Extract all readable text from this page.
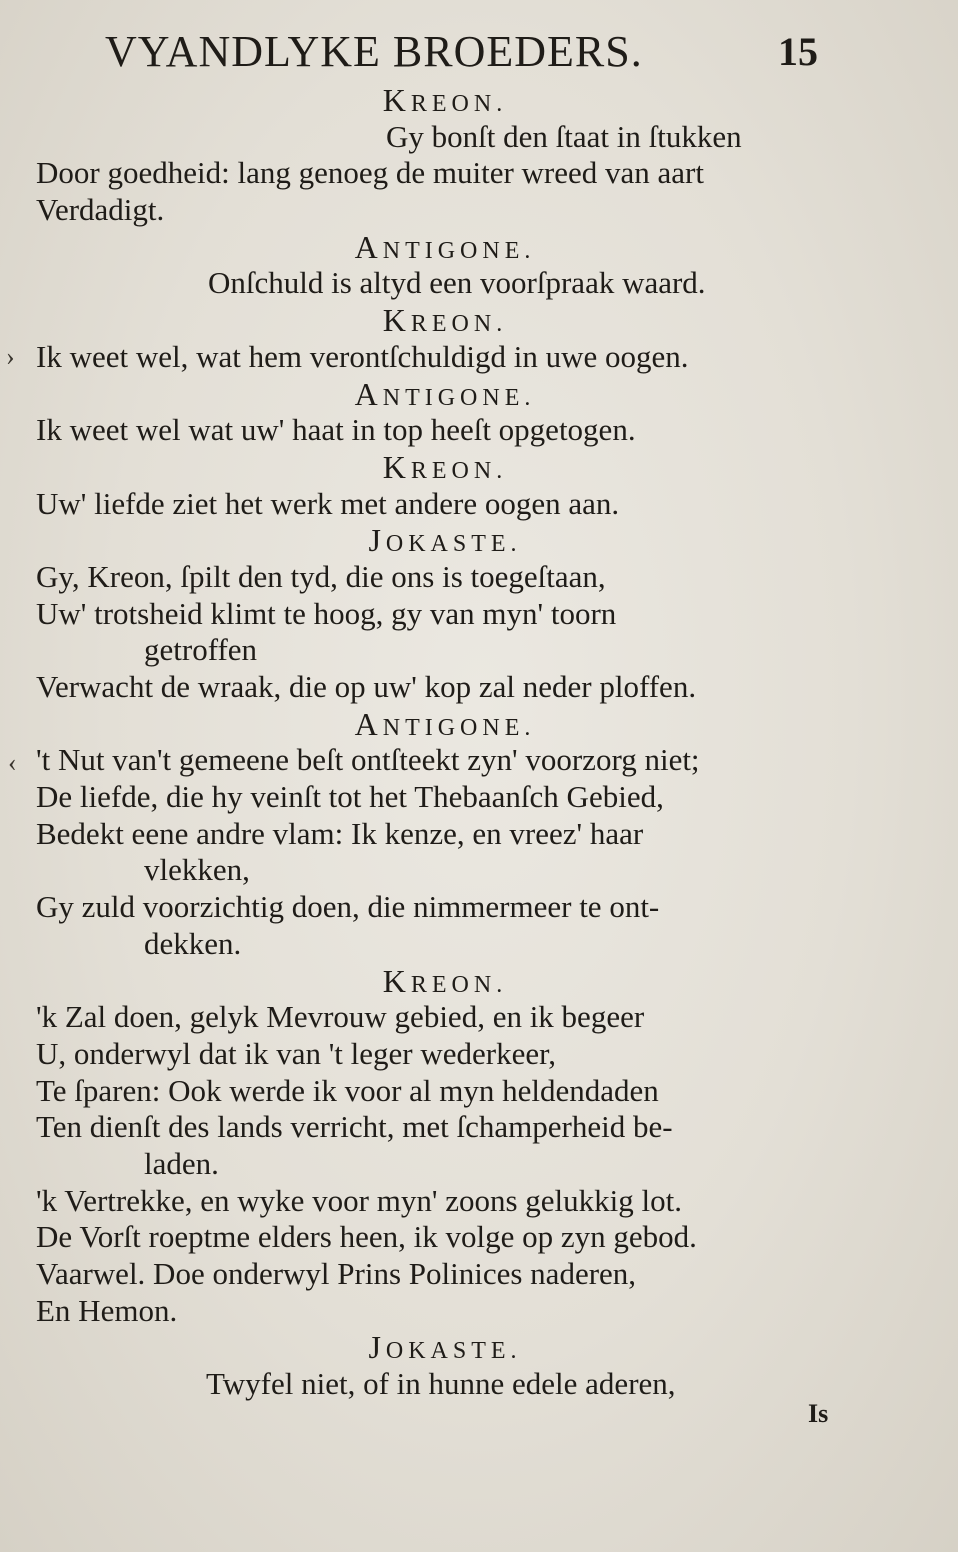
VYANDLYKE BROEDERS.	15
KREON.
Gy bonſt den ſtaat in ſtukken
Door goedheid: lang genoeg de muiter wreed van aart
Verdadigt.
ANTIGONE.
Onſchuld is altyd een voorſpraak waard.
KREON.
Ik weet wel, wat hem verontſchuldigd in uwe oogen.
ANTIGONE.
Ik weet wel wat uw' haat in top heeſt opgetogen.
KREON.
Uw' liefde ziet het werk met andere oogen aan.
JOKASTE.
Gy, Kreon, ſpilt den tyd, die ons is toegeſtaan,
Uw' trotsheid klimt te hoog, gy van myn' toorn
getroffen
Verwacht de wraak, die op uw' kop zal neder ploffen.
ANTIGONE.
't Nut van't gemeene beſt ontſteekt zyn' voorzorg niet;
De liefde, die hy veinſt tot het Thebaanſch Gebied,
Bedekt eene andre vlam: Ik kenze, en vreez' haar
vlekken,
Gy zuld voorzichtig doen, die nimmermeer te ont-
dekken.
KREON.
'k Zal doen, gelyk Mevrouw gebied, en ik begeer
U, onderwyl dat ik van 't leger wederkeer,
Te ſparen: Ook werde ik voor al myn heldendaden
Ten dienſt des lands verricht, met ſchamperheid be-
laden.
'k Vertrekke, en wyke voor myn' zoons gelukkig lot.
De Vorſt roeptme elders heen, ik volge op zyn gebod.
Vaarwel. Doe onderwyl Prins Polinices naderen,
En Hemon.
JOKASTE.
Twyfel niet, of in hunne edele aderen,
Is
›
‹
